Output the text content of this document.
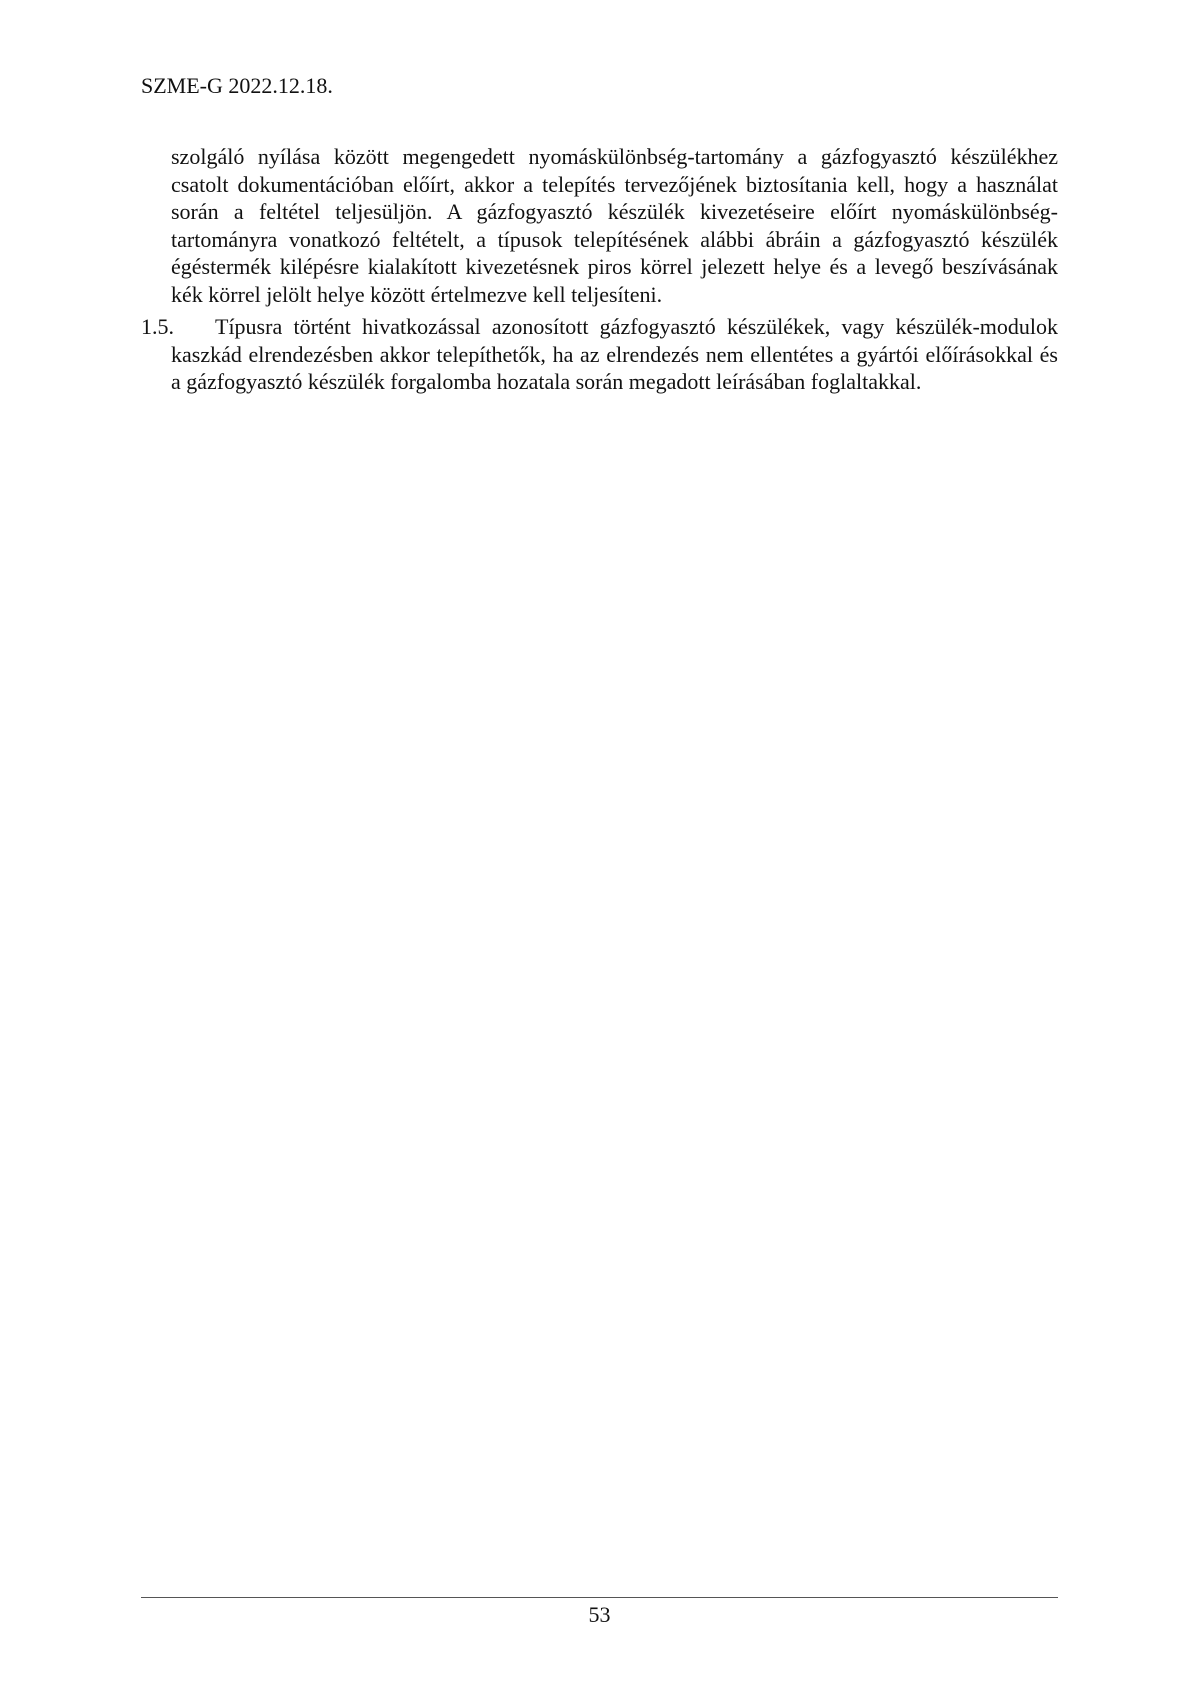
SZME-G 2022.12.18.

szolgáló nyílása között megengedett nyomáskülönbség-tartomány a gázfogyasztó készülékhez csatolt dokumentációban előírt, akkor a telepítés tervezőjének biztosítania kell, hogy a használat során a feltétel teljesüljön. A gázfogyasztó készülék kivezetéseire előírt nyomáskülönbség-tartományra vonatkozó feltételt, a típusok telepítésének alábbi ábráin a gázfogyasztó készülék égéstermék kilépésre kialakított kivezetésnek piros körrel jelezett helye és a levegő beszívásának kék körrel jelölt helye között értelmezve kell teljesíteni.

1.5. Típusra történt hivatkozással azonosított gázfogyasztó készülékek, vagy készülék-modulok kaszkád elrendezésben akkor telepíthetők, ha az elrendezés nem ellentétes a gyártói előírásokkal és a gázfogyasztó készülék forgalomba hozatala során megadott leírásában foglaltakkal.
53
